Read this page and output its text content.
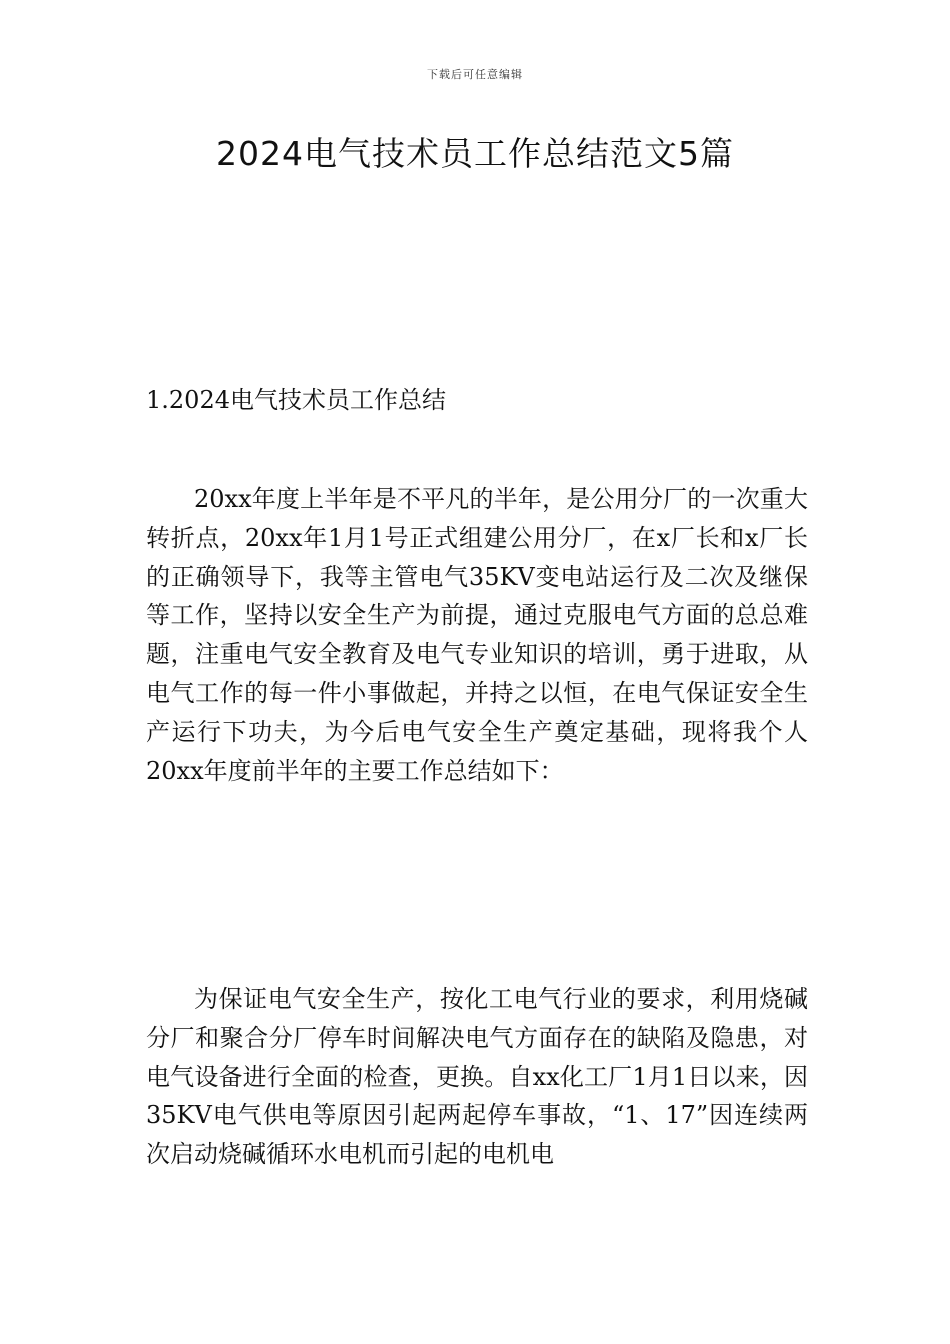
下载后可任意编辑
2024电气技术员工作总结范文5篇
1.2024电气技术员工作总结

20xx年度上半年是不平凡的半年，是公用分厂的一次重大转折点，20xx年1月1号正式组建公用分厂，在x厂长和x厂长的正确领导下，我等主管电气35KV变电站运行及二次及继保等工作，坚持以安全生产为前提，通过克服电气方面的总总难题，注重电气安全教育及电气专业知识的培训，勇于进取，从电气工作的每一件小事做起，并持之以恒，在电气保证安全生产运行下功夫，为今后电气安全生产奠定基础，现将我个人20xx年度前半年的主要工作总结如下：

为保证电气安全生产，按化工电气行业的要求，利用烧碱分厂和聚合分厂停车时间解决电气方面存在的缺陷及隐患，对电气设备进行全面的检查，更换。自xx化工厂1月1日以来，因35KV电气供电等原因引起两起停车事故，“1、17”因连续两次启动烧碱循环水电机而引起的电机电
